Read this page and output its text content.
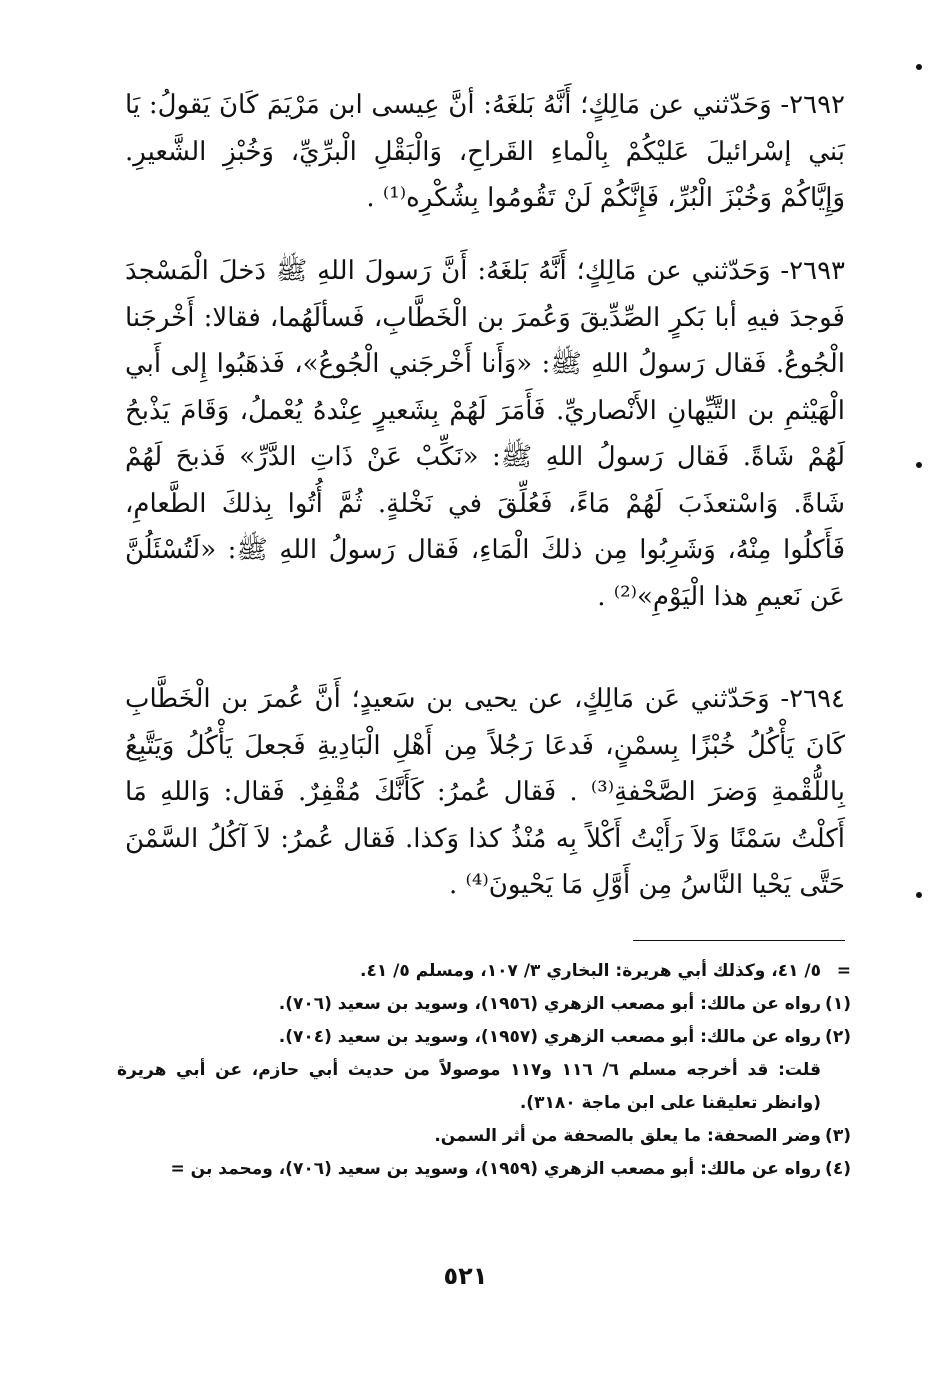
٢٦٩٢- وَحَدّثني عن مَالِكٍ؛ أَنَّهُ بَلغَهُ: أنَّ عِيسى ابن مَرْيَمَ كَانَ يَقولُ: يَا بَني إسْرائيلَ عَليْكُمْ بِالْماءِ القَراحِ، وَالْبَقْلِ الْبرِّيِّ، وَخُبْزِ الشَّعيرِ. وَإِيَّاكُمْ وَخُبْزَ الْبُرِّ، فَإِنَّكُمْ لَنْ تَقُومُوا بِشُكْرِه⁽¹⁾ .

٢٦٩٣- وَحَدّثني عن مَالِكٍ؛ أَنَّهُ بَلغَهُ: أَنَّ رَسولَ اللهِ ﷺ دَخلَ الْمَسْجدَ فَوجدَ فيهِ أبا بَكرٍ الصِّدِّيقَ وَعُمرَ بن الْخَطَّابِ، فَسألَهُما، فقالا: أَخْرجَنا الْجُوعُ. فَقال رَسولُ اللهِ ﷺ: «وَأَنا أَخْرجَني الْجُوعُ»، فَذهَبُوا إِلى أَبي الْهَيْثمِ بن التَّيِّهانِ الأَنْصاريِّ. فَأَمَرَ لَهُمْ بِشَعيرٍ عِنْدهُ يُعْملُ، وَقَامَ يَذْبحُ لَهُمْ شَاةً. فَقال رَسولُ اللهِ ﷺ: «نَكِّبْ عَنْ ذَاتِ الدَّرِّ» فَذبحَ لَهُمْ شَاةً. وَاسْتعذَبَ لَهُمْ مَاءً، فَعُلِّقَ في نَخْلةٍ. ثُمَّ أُتُوا بِذلكَ الطَّعامِ، فَأَكلُوا مِنْهُ، وَشَرِبُوا مِن ذلكَ الْمَاءِ، فَقال رَسولُ اللهِ ﷺ: «لَتُسْئَلُنَّ عَن نَعيمِ هذا الْيَوْمِ»⁽²⁾ .

٢٦٩٤- وَحَدّثني عَن مَالِكٍ، عن يحيى بن سَعيدٍ؛ أَنَّ عُمرَ بن الْخَطَّابِ كَانَ يَأْكُلُ خُبْزًا بِسمْنٍ، فَدعَا رَجُلاً مِن أَهْلِ الْبَادِيةِ فَجعلَ يَأْكُلُ وَيَتَّبِعُ بِاللُّقْمةِ وَضرَ الصَّحْفةِ⁽³⁾ . فَقال عُمرُ: كَأَنَّكَ مُقْفِرٌ. فَقال: وَاللهِ مَا أَكلْتُ سَمْنًا وَلاَ رَأَيْتُ أَكْلاً بِه مُنْذُ كذا وَكذا. فَقال عُمرُ: لاَ آكُلُ السَّمْنَ حَتَّى يَحْيا النَّاسُ مِن أَوَّلِ مَا يَحْيونَ⁽⁴⁾ .

=
٥/ ٤١، وكذلك أبي هريرة: البخاري ٣/ ١٠٧، ومسلم ٥/ ٤١.

(١)
رواه عن مالك: أبو مصعب الزهري (١٩٥٦)، وسويد بن سعيد (٧٠٦).

(٢)
رواه عن مالك: أبو مصعب الزهري (١٩٥٧)، وسويد بن سعيد (٧٠٤).

قلت: قد أخرجه مسلم ٦/ ١١٦ و١١٧ موصولاً من حديث أبي حازم، عن أبي هريرة (وانظر تعليقنا على ابن ماجة ٣١٨٠).

(٣)
وضر الصحفة: ما يعلق بالصحفة من أثر السمن.

(٤)
رواه عن مالك: أبو مصعب الزهري (١٩٥٩)، وسويد بن سعيد (٧٠٦)، ومحمد بن =

٥٢١
